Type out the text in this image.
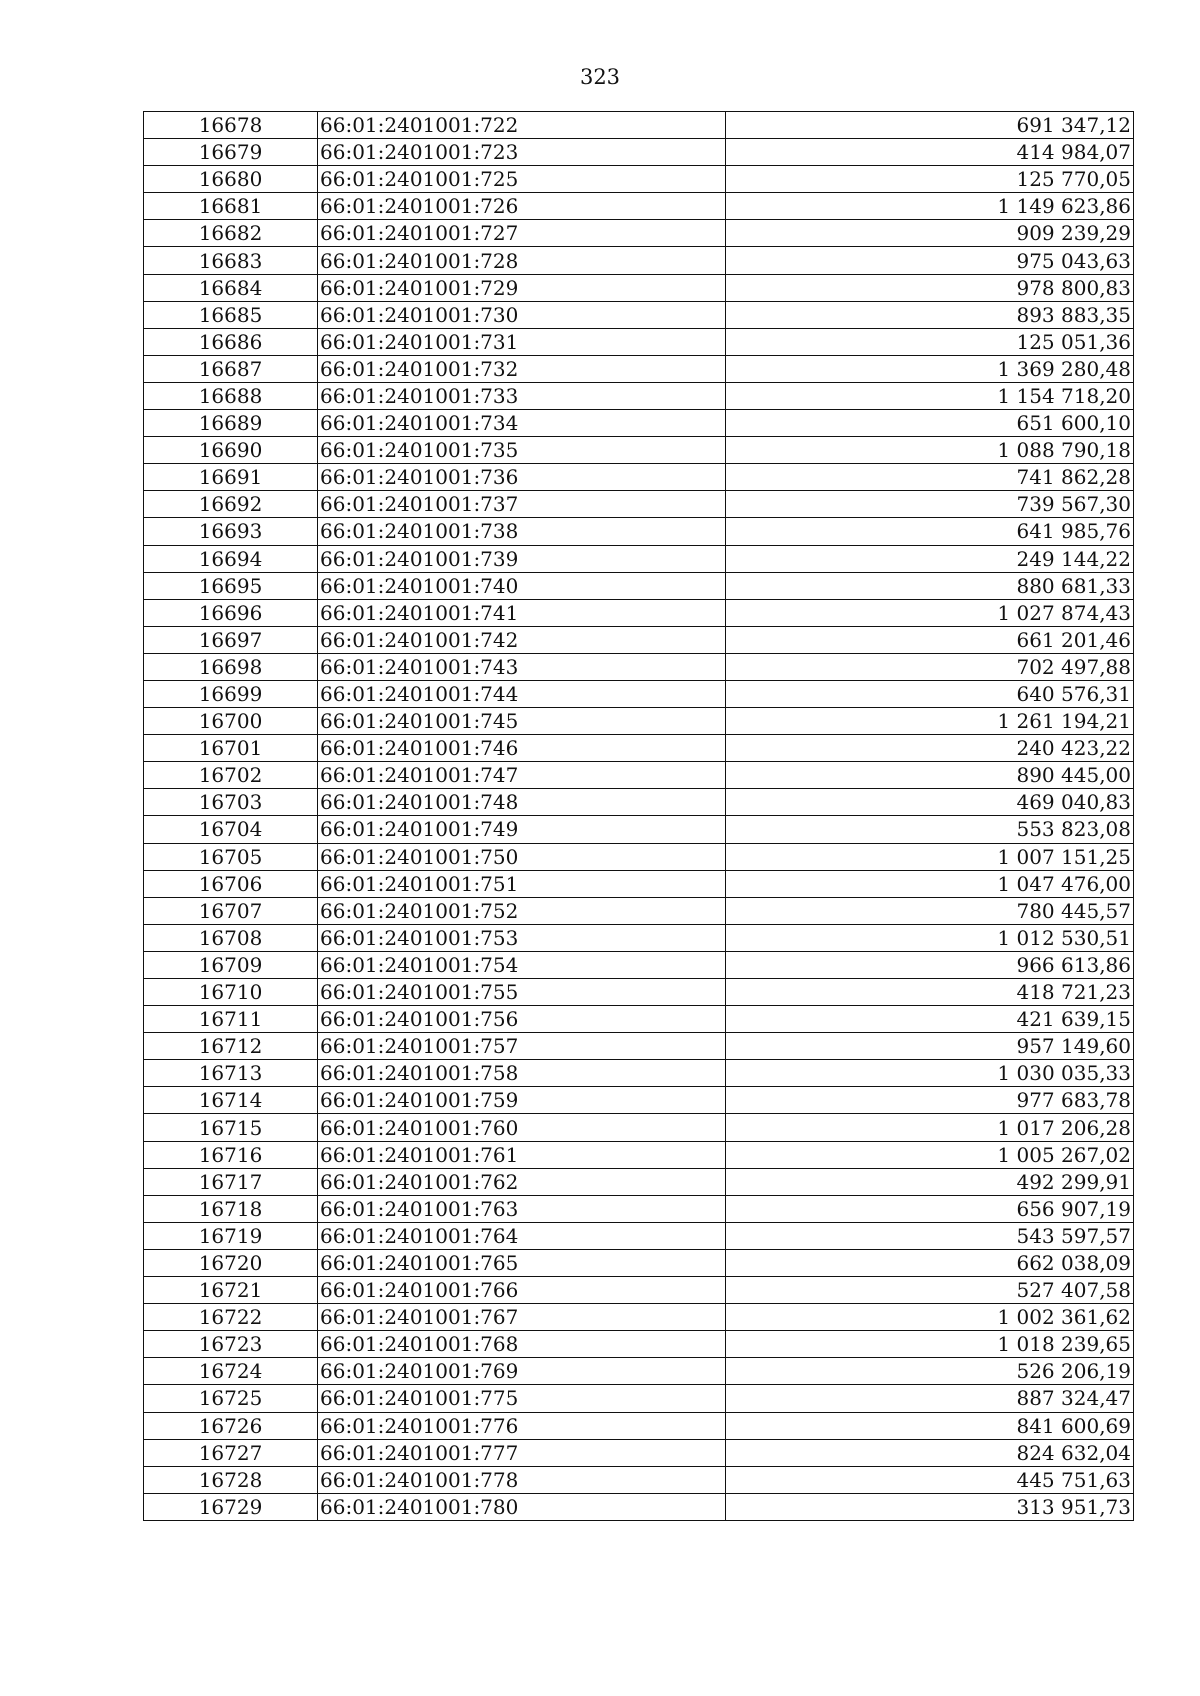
323
16678	66:01:2401001:722	691 347,12
16679	66:01:2401001:723	414 984,07
16680	66:01:2401001:725	125 770,05
16681	66:01:2401001:726	1 149 623,86
16682	66:01:2401001:727	909 239,29
16683	66:01:2401001:728	975 043,63
16684	66:01:2401001:729	978 800,83
16685	66:01:2401001:730	893 883,35
16686	66:01:2401001:731	125 051,36
16687	66:01:2401001:732	1 369 280,48
16688	66:01:2401001:733	1 154 718,20
16689	66:01:2401001:734	651 600,10
16690	66:01:2401001:735	1 088 790,18
16691	66:01:2401001:736	741 862,28
16692	66:01:2401001:737	739 567,30
16693	66:01:2401001:738	641 985,76
16694	66:01:2401001:739	249 144,22
16695	66:01:2401001:740	880 681,33
16696	66:01:2401001:741	1 027 874,43
16697	66:01:2401001:742	661 201,46
16698	66:01:2401001:743	702 497,88
16699	66:01:2401001:744	640 576,31
16700	66:01:2401001:745	1 261 194,21
16701	66:01:2401001:746	240 423,22
16702	66:01:2401001:747	890 445,00
16703	66:01:2401001:748	469 040,83
16704	66:01:2401001:749	553 823,08
16705	66:01:2401001:750	1 007 151,25
16706	66:01:2401001:751	1 047 476,00
16707	66:01:2401001:752	780 445,57
16708	66:01:2401001:753	1 012 530,51
16709	66:01:2401001:754	966 613,86
16710	66:01:2401001:755	418 721,23
16711	66:01:2401001:756	421 639,15
16712	66:01:2401001:757	957 149,60
16713	66:01:2401001:758	1 030 035,33
16714	66:01:2401001:759	977 683,78
16715	66:01:2401001:760	1 017 206,28
16716	66:01:2401001:761	1 005 267,02
16717	66:01:2401001:762	492 299,91
16718	66:01:2401001:763	656 907,19
16719	66:01:2401001:764	543 597,57
16720	66:01:2401001:765	662 038,09
16721	66:01:2401001:766	527 407,58
16722	66:01:2401001:767	1 002 361,62
16723	66:01:2401001:768	1 018 239,65
16724	66:01:2401001:769	526 206,19
16725	66:01:2401001:775	887 324,47
16726	66:01:2401001:776	841 600,69
16727	66:01:2401001:777	824 632,04
16728	66:01:2401001:778	445 751,63
16729	66:01:2401001:780	313 951,73
